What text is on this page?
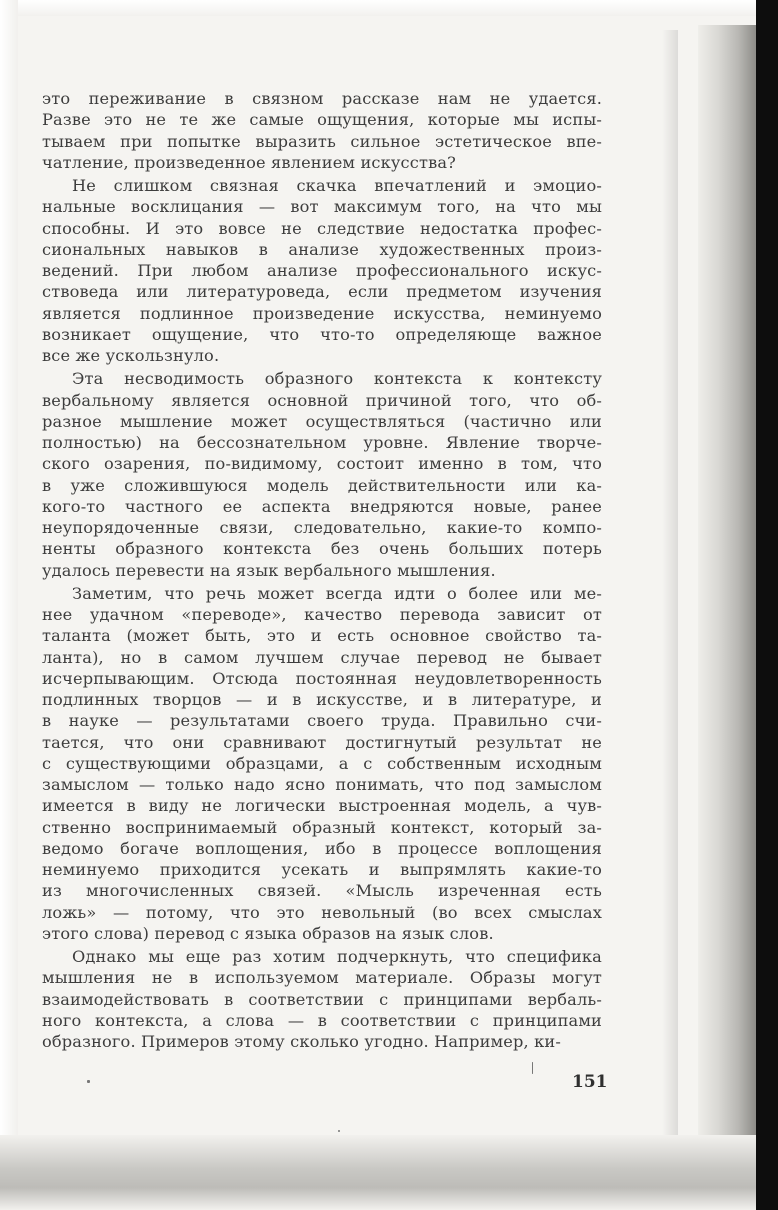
это переживание в связном рассказе нам не удается.
Разве это не те же самые ощущения, которые мы испы-
тываем при попытке выразить сильное эстетическое впе-
чатление, произведенное явлением искусства?

Не слишком связная скачка впечатлений и эмоцио-
нальные восклицания — вот максимум того, на что мы
способны. И это вовсе не следствие недостатка профес-
сиональных навыков в анализе художественных произ-
ведений. При любом анализе профессионального искус-
ствоведа или литературоведа, если предметом изучения
является подлинное произведение искусства, неминуемо
возникает ощущение, что что-то определяюще важное
все же ускользнуло.

Эта несводимость образного контекста к контексту
вербальному является основной причиной того, что об-
разное мышление может осуществляться (частично или
полностью) на бессознательном уровне. Явление творче-
ского озарения, по-видимому, состоит именно в том, что
в уже сложившуюся модель действительности или ка-
кого-то частного ее аспекта внедряются новые, ранее
неупорядоченные связи, следовательно, какие-то компо-
ненты образного контекста без очень больших потерь
удалось перевести на язык вербального мышления.

Заметим, что речь может всегда идти о более или ме-
нее удачном «переводе», качество перевода зависит от
таланта (может быть, это и есть основное свойство та-
ланта), но в самом лучшем случае перевод не бывает
исчерпывающим. Отсюда постоянная неудовлетворенность
подлинных творцов — и в искусстве, и в литературе, и
в науке — результатами своего труда. Правильно счи-
тается, что они сравнивают достигнутый результат не
с существующими образцами, а с собственным исходным
замыслом — только надо ясно понимать, что под замыслом
имеется в виду не логически выстроенная модель, а чув-
ственно воспринимаемый образный контекст, который за-
ведомо богаче воплощения, ибо в процессе воплощения
неминуемо приходится усекать и выпрямлять какие-то
из многочисленных связей. «Мысль изреченная есть
ложь» — потому, что это невольный (во всех смыслах
этого слова) перевод с языка образов на язык слов.

Однако мы еще раз хотим подчеркнуть, что специфика
мышления не в используемом материале. Образы могут
взаимодействовать в соответствии с принципами вербаль-
ного контекста, а слова — в соответствии с принципами
образного. Примеров этому сколько угодно. Например, ки-

151
